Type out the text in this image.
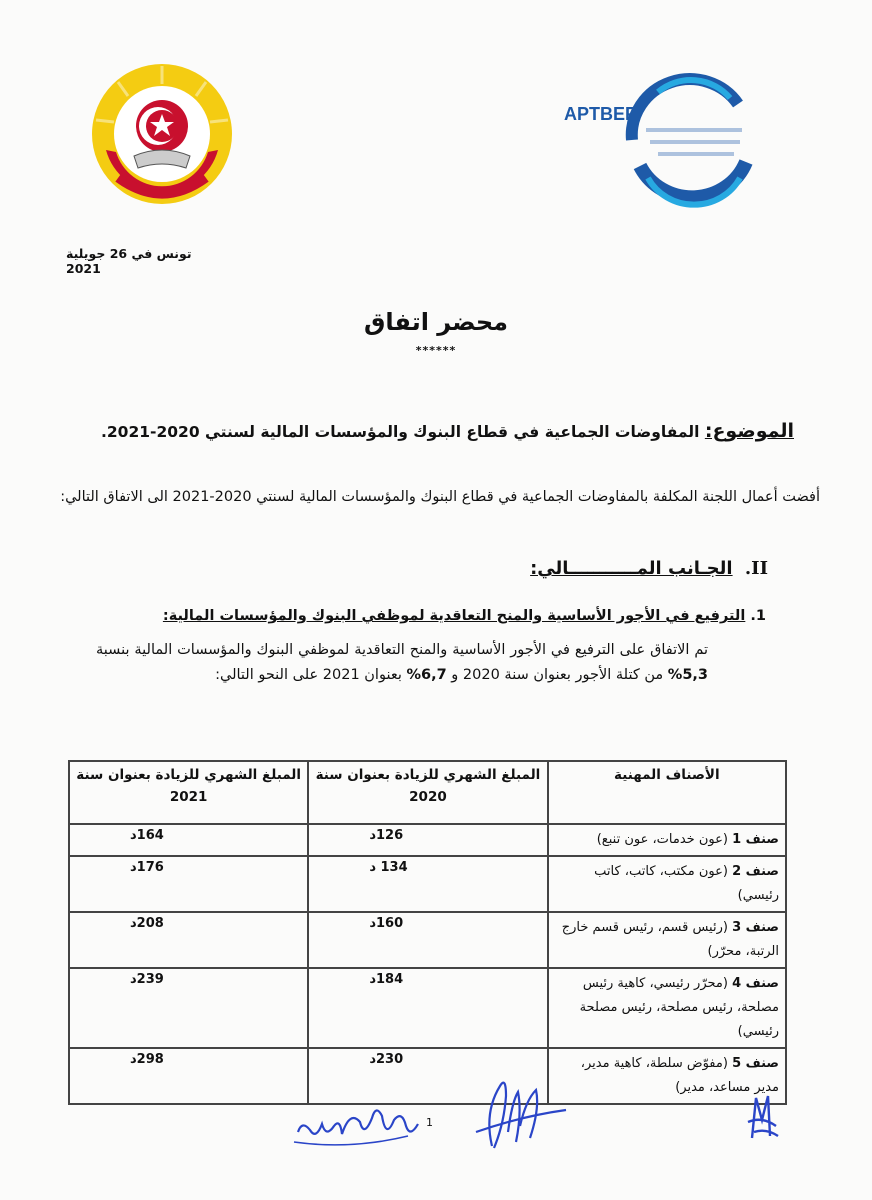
APTBEF
تونس في 26 جويلية 2021
محضر اتفاق
******
الموضوع: المفاوضات الجماعية في قطاع البنوك والمؤسسات المالية لسنتي 2020-2021.
أفضت أعمال اللجنة المكلفة بالمفاوضات الجماعية في قطاع البنوك والمؤسسات المالية لسنتي 2020-2021 الى الاتفاق التالي:
II. الجـانب المـــــــــــالي:
1. الترفيع في الأجور الأساسية والمنح التعاقدية لموظفي البنوك والمؤسسات المالية:
تم الاتفاق على الترفيع في الأجور الأساسية والمنح التعاقدية لموظفي البنوك والمؤسسات المالية بنسبة 5,3% من كتلة الأجور بعنوان سنة 2020 و 6,7% بعنوان 2021 على النحو التالي:
الأصناف المهنية	المبلغ الشهري للزيادة بعنوان سنة 2020	المبلغ الشهري للزيادة بعنوان سنة 2021
صنف 1 (عون خدمات، عون تنبع)	126د	164د
صنف 2 (عون مكتب، كاتب، كاتب رئيسي)	134 د	176د
صنف 3 (رئيس قسم، رئيس قسم خارج الرتبة، محرّر)	160د	208د
صنف 4 (محرّر رئيسي، كاهية رئيس مصلحة، رئيس مصلحة، رئيس مصلحة رئيسي)	184د	239د
صنف 5 (مفوّض سلطة، كاهية مدير، مدير مساعد، مدير)	230د	298د
1
